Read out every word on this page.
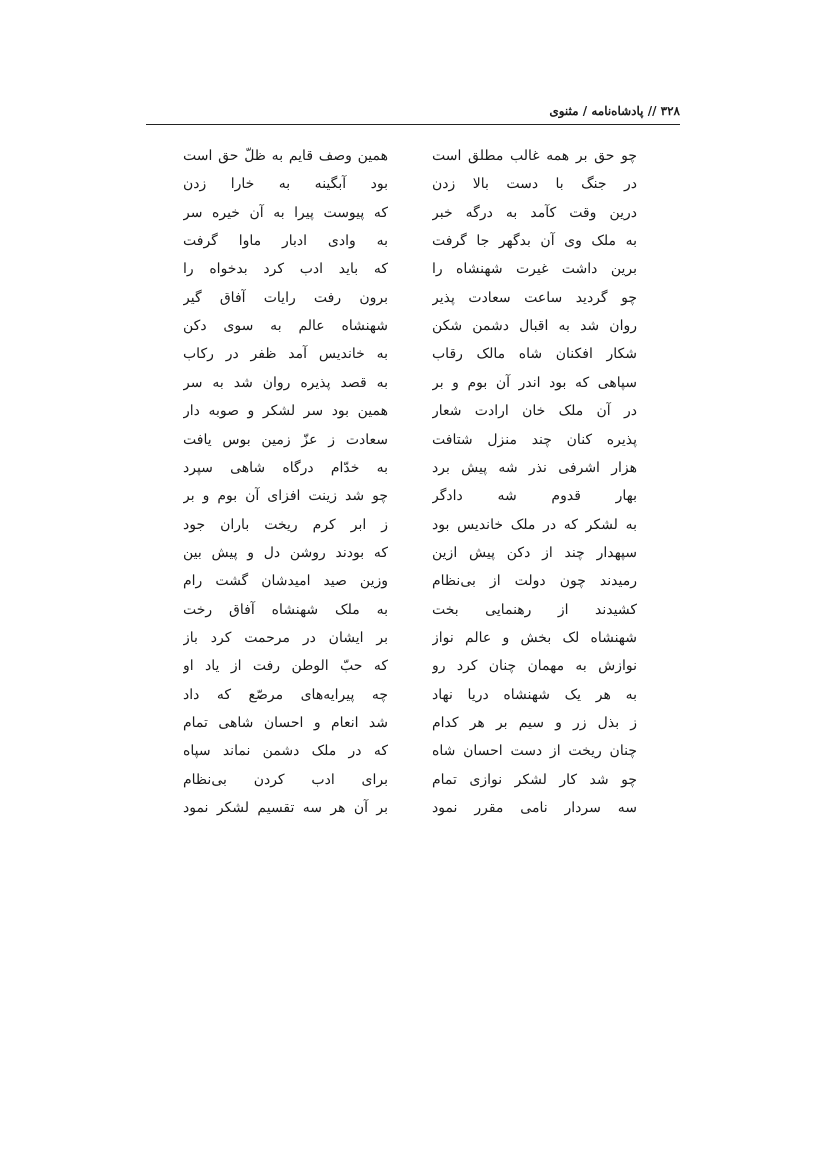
۳۲۸ // پادشاه‌نامه / مثنوی
چو حق بر همه غالب مطلق است
همین وصف قایم به ظلّ حق است
در جنگ با دست بالا زدن
بود آبگینه به خارا زدن
درین وقت کآمد به درگه خبر
که پیوست پیرا به آن خیره سر
به ملک وی آن بدگهر جا گرفت
به وادی ادبار ماوا گرفت
برین داشت غیرت شهنشاه را
که باید ادب کرد بدخواه را
چو گردید ساعت سعادت پذیر
برون رفت رایات آفاق گیر
روان شد به اقبال دشمن شکن
شهنشاه عالم به سوی دکن
شکار افکنان شاه مالک رقاب
به خاندیس آمد ظفر در رکاب
سپاهی که بود اندر آن بوم و بر
به قصد پذیره روان شد به سر
در آن ملک خان ارادت شعار
همین بود سر لشکر و صوبه دار
پذیره کنان چند منزل شتافت
سعادت ز عزّ زمین بوس یافت
هزار اشرفی نذر شه پیش برد
به خدّام درگاه شاهی سپرد
بهار قدوم شه دادگر
چو شد زینت افزای آن بوم و بر
به لشکر که در ملک خاندیس بود
ز ابر کرم ریخت باران جود
سپهدار چند از دکن پیش ازین
که بودند روشن دل و پیش بین
رمیدند چون دولت از بی‌نظام
وزین صید امیدشان گشت رام
کشیدند از رهنمایی بخت
به ملک شهنشاه آفاق رخت
شهنشاه لک بخش و عالم نواز
بر ایشان در مرحمت کرد باز
نوازش به مهمان چنان کرد رو
که حبّ الوطن رفت از یاد او
به هر یک شهنشاه دریا نهاد
چه پیرایه‌های مرصّع که داد
ز بذل زر و سیم بر هر کدام
شد انعام و احسان شاهی تمام
چنان ریخت از دست احسان شاه
که در ملک دشمن نماند سپاه
چو شد کار لشکر نوازی تمام
برای ادب کردن بی‌نظام
سه سردار نامی مقرر نمود
بر آن هر سه تقسیم لشکر نمود
